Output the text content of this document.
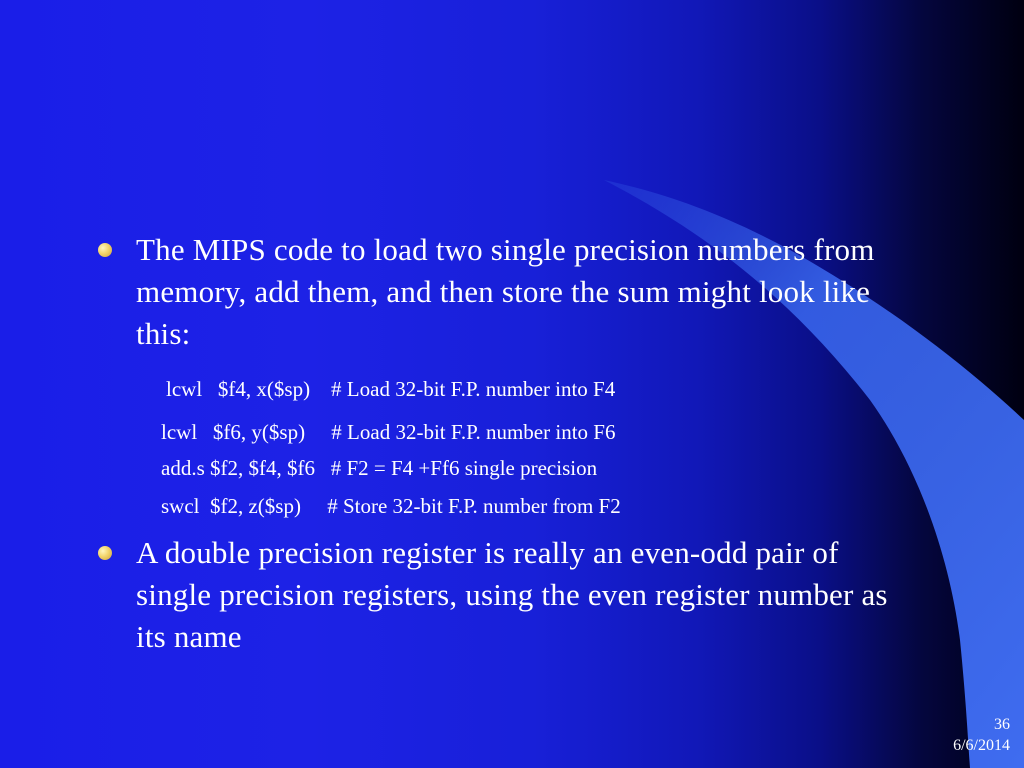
The MIPS code to load two single precision numbers from memory, add them, and then store the sum might look like this:
lcwl   $f4, x($sp)    # Load 32-bit F.P. number into F4
lcwl   $f6, y($sp)     # Load 32-bit F.P. number into F6
add.s $f2, $f4, $f6   # F2 = F4 +Ff6 single precision
swcl  $f2, z($sp)     # Store 32-bit F.P. number from F2
A double precision register is really an even-odd pair of single precision registers, using the even register number as its name
36
6/6/2014
